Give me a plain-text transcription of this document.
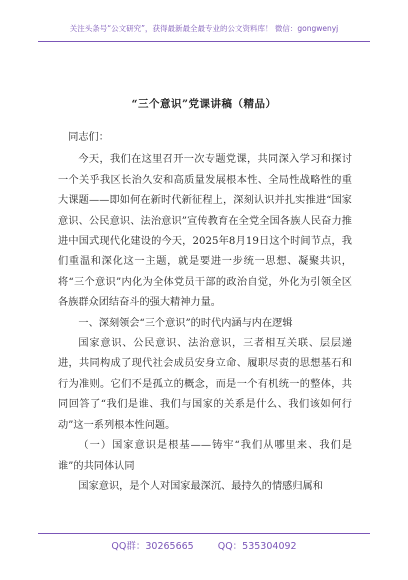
关注头条号“公文研究”，获得最新最全最专业的公文资料库！ 微信：gongwenyj
“三个意识”党课讲稿（精品）

同志们：

今天，我们在这里召开一次专题党课，共同深入学习和探讨一个关乎我区长治久安和高质量发展根本性、全局性战略性的重大课题——即如何在新时代新征程上，深刻认识并扎实推进“国家意识、公民意识、法治意识”宣传教育在全党全国各族人民奋力推进中国式现代化建设的今天，2025年8月19日这个时间节点，我们重温和深化这一主题，就是要进一步统一思想、凝聚共识，将“三个意识”内化为全体党员干部的政治自觉，外化为引领全区各族群众团结奋斗的强大精神力量。

一、深刻领会“三个意识”的时代内涵与内在逻辑

国家意识、公民意识、法治意识，三者相互关联、层层递进，共同构成了现代社会成员安身立命、履职尽责的思想基石和行为准则。它们不是孤立的概念，而是一个有机统一的整体，共同回答了“我们是谁、我们与国家的关系是什么、我们该如何行动”这一系列根本性问题。

（一）国家意识是根基——铸牢“我们从哪里来、我们是谁”的共同体认同

国家意识，是个人对国家最深沉、最持久的情感归属和

QQ群：30265665	QQ：535304092
